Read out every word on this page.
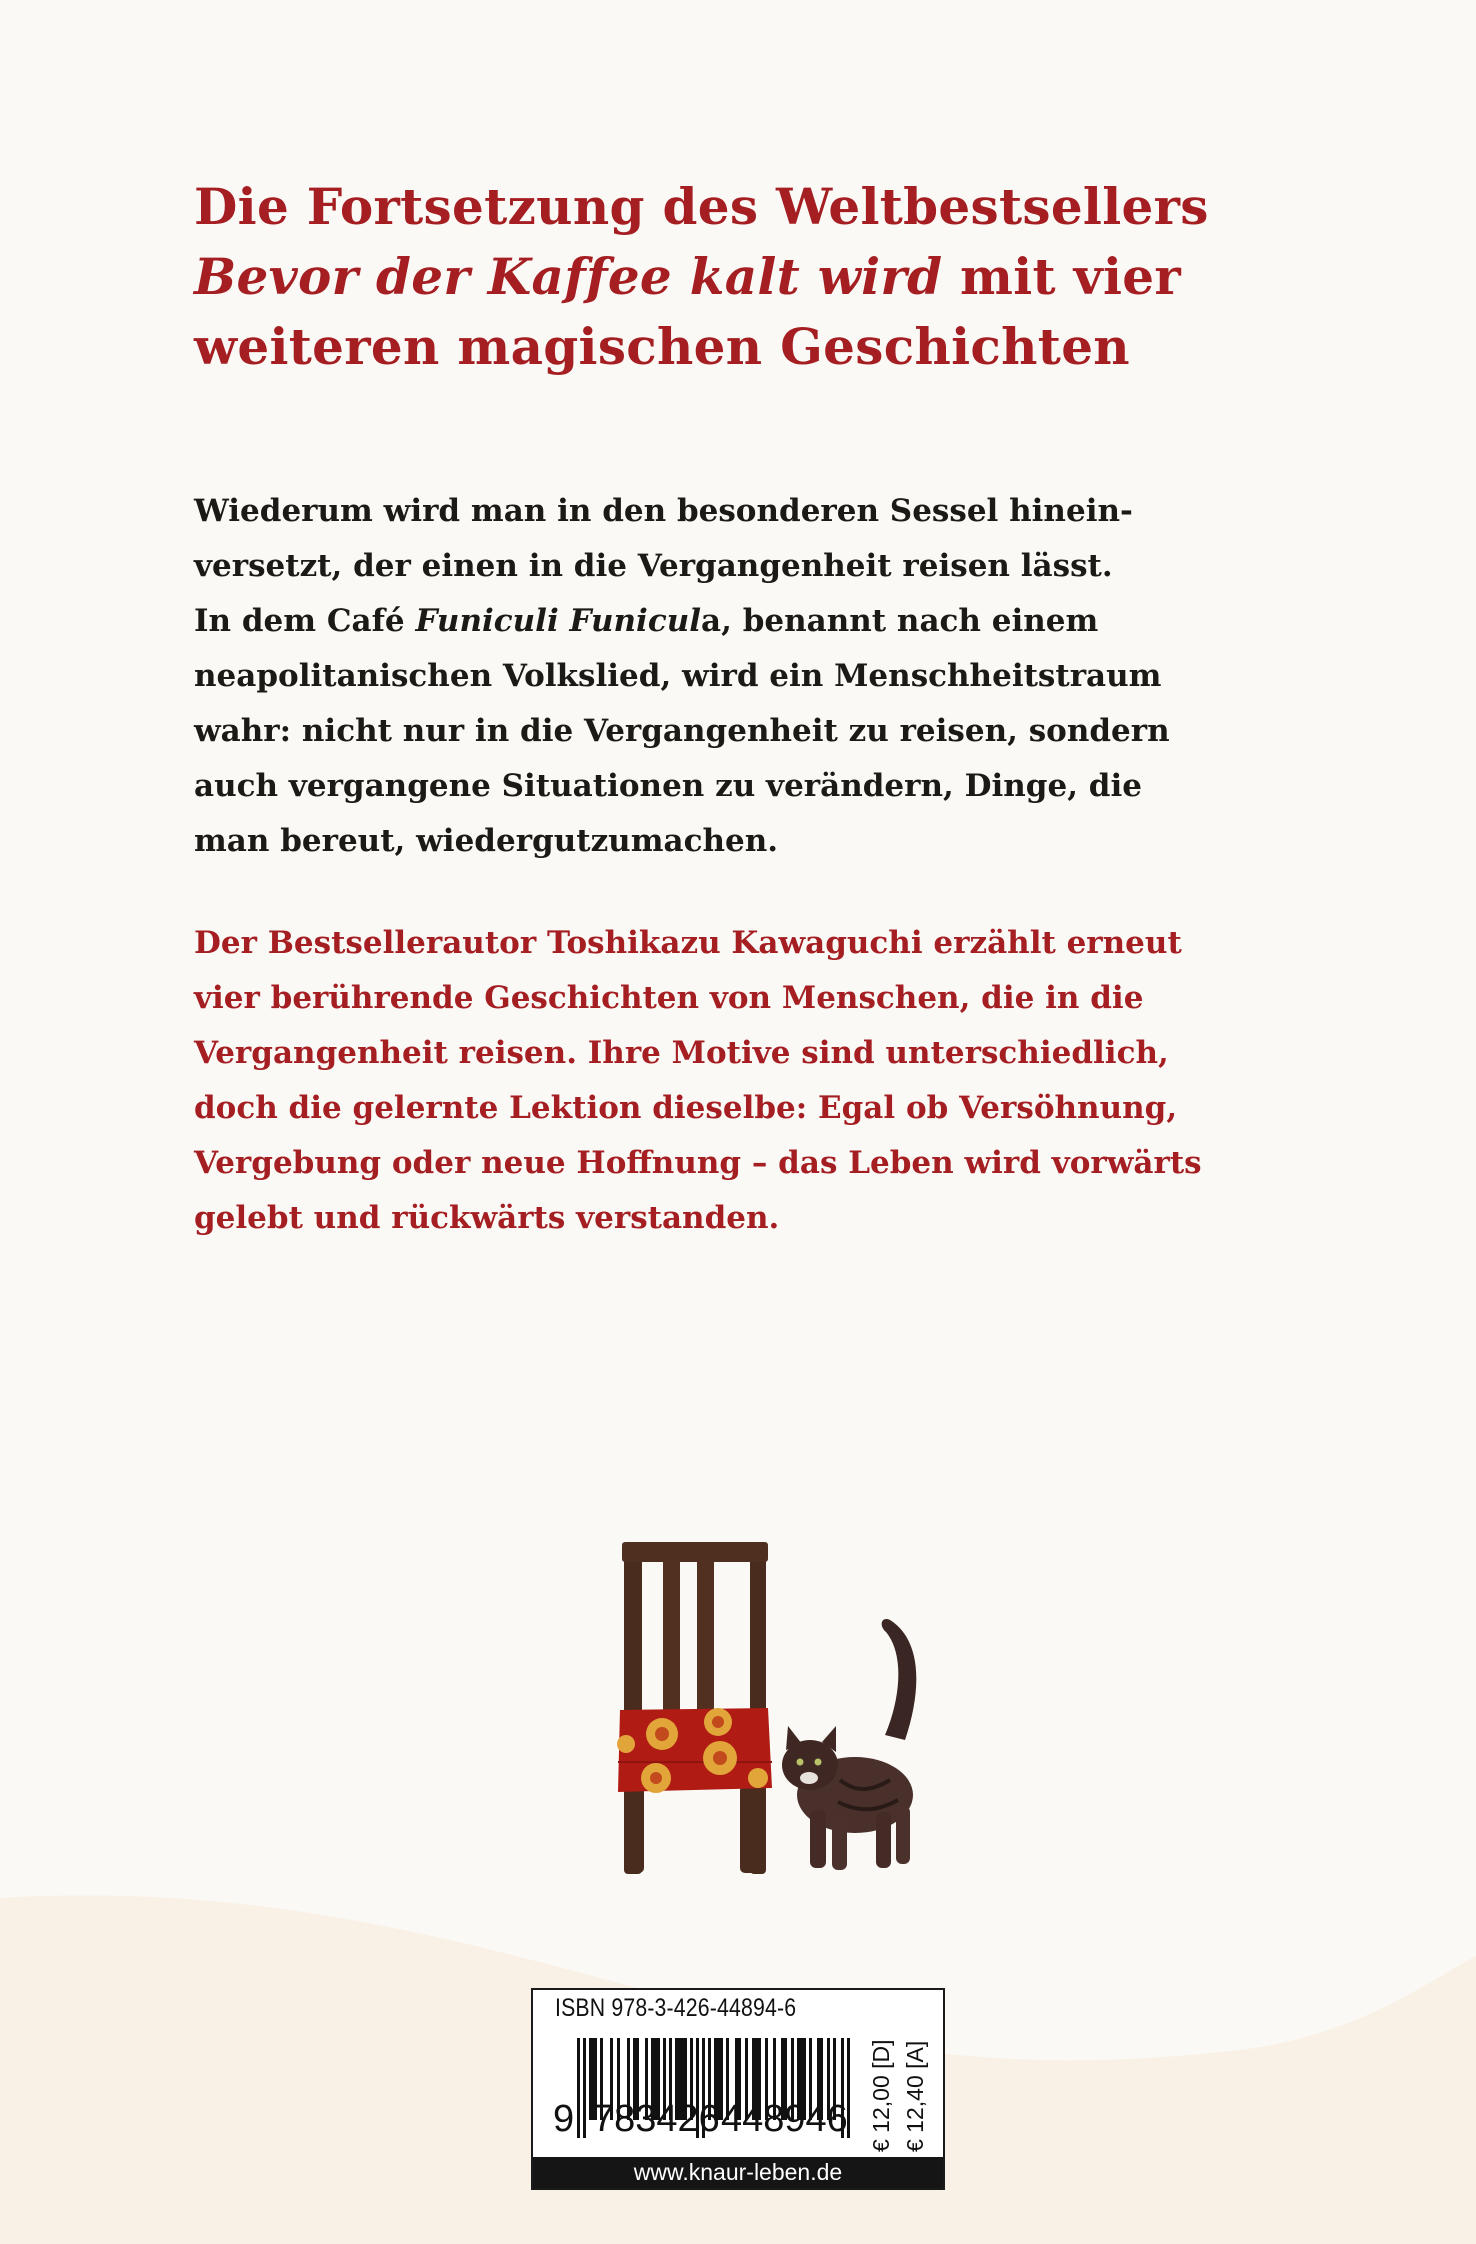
Die Fortsetzung des Weltbestsellers
Bevor der Kaffee kalt wird mit vier
weiteren magischen Geschichten
Wiederum wird man in den besonderen Sessel hinein-
versetzt, der einen in die Vergangenheit reisen lässt.
In dem Café Funiculi Funicula, benannt nach einem
neapolitanischen Volkslied, wird ein Menschheitstraum
wahr: nicht nur in die Vergangenheit zu reisen, sondern
auch vergangene Situationen zu verändern, Dinge, die
man bereut, wiedergutzumachen.
Der Bestsellerautor Toshikazu Kawaguchi erzählt erneut
vier berührende Geschichten von Menschen, die in die
Vergangenheit reisen. Ihre Motive sind unterschiedlich,
doch die gelernte Lektion dieselbe: Egal ob Versöhnung,
Vergebung oder neue Hoffnung – das Leben wird vorwärts
gelebt und rückwärts verstanden.
ISBN 978-3-426-44894-6
9 783426 448946 € 12,00 [D] € 12,40 [A]
www.knaur-leben.de
